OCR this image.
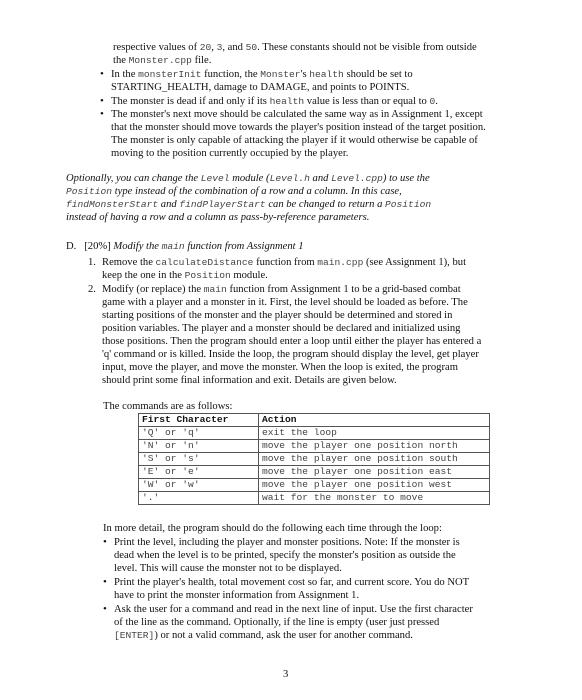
respective values of 20, 3, and 50. These constants should not be visible from outside

the Monster.cpp file.

• In the monsterInit function, the Monster's health should be set to

STARTING_HEALTH, damage to DAMAGE, and points to POINTS.

• The monster is dead if and only if its health value is less than or equal to 0.

• The monster's next move should be calculated the same way as in Assignment 1, except

that the monster should move towards the player's position instead of the target position.

The monster is only capable of attacking the player if it would otherwise be capable of

moving to the position currently occupied by the player.

Optionally, you can change the Level module (Level.h and Level.cpp) to use the

Position type instead of the combination of a row and a column. In this case,

findMonsterStart and findPlayerStart can be changed to return a Position

instead of having a row and a column as pass-by-reference parameters.

D. [20%] Modify the main function from Assignment 1

1. Remove the calculateDistance function from main.cpp (see Assignment 1), but

keep the one in the Position module.

2. Modify (or replace) the main function from Assignment 1 to be a grid-based combat

game with a player and a monster in it. First, the level should be loaded as before. The

starting positions of the monster and the player should be determined and stored in

position variables. The player and a monster should be declared and initialized using

those positions. Then the program should enter a loop until either the player has entered a

'q' command or is killed. Inside the loop, the program should display the level, get player

input, move the player, and move the monster. When the loop is exited, the program

should print some final information and exit. Details are given below.

The commands are as follows:

First Character	Action
'Q' or 'q'	exit the loop
'N' or 'n'	move the player one position north
'S' or 's'	move the player one position south
'E' or 'e'	move the player one position east
'W' or 'w'	move the player one position west
'.'	wait for the monster to move

In more detail, the program should do the following each time through the loop:

• Print the level, including the player and monster positions. Note: If the monster is

dead when the level is to be printed, specify the monster's position as outside the

level. This will cause the monster not to be displayed.

• Print the player's health, total movement cost so far, and current score. You do NOT

have to print the monster information from Assignment 1.

• Ask the user for a command and read in the next line of input. Use the first character

of the line as the command. Optionally, if the line is empty (user just pressed

[ENTER]) or not a valid command, ask the user for another command.

3
